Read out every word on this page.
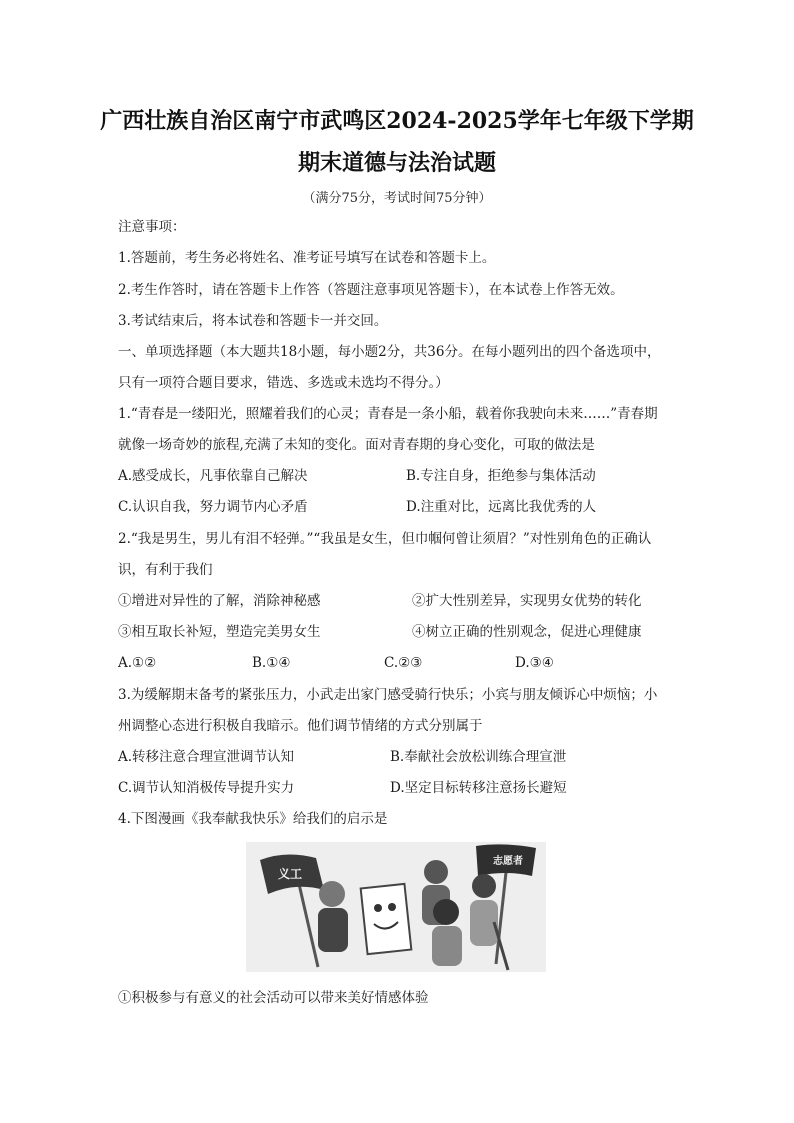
广西壮族自治区南宁市武鸣区2024-2025学年七年级下学期
期末道德与法治试题
（满分75分，考试时间75分钟）
注意事项：
1.答题前，考生务必将姓名、准考证号填写在试卷和答题卡上。
2.考生作答时，请在答题卡上作答（答题注意事项见答题卡），在本试卷上作答无效。
3.考试结束后，将本试卷和答题卡一并交回。
一、单项选择题（本大题共18小题，每小题2分，共36分。在每小题列出的四个备选项中，
只有一项符合题目要求，错选、多选或未选均不得分。）
1.“青春是一缕阳光，照耀着我们的心灵；青春是一条小船，载着你我驶向未来……”青春期
就像一场奇妙的旅程,充满了未知的变化。面对青春期的身心变化，可取的做法是
A.感受成长，凡事依靠自己解决	B.专注自身，拒绝参与集体活动
C.认识自我，努力调节内心矛盾	D.注重对比，远离比我优秀的人
2.“我是男生，男儿有泪不轻弹。”“我虽是女生，但巾帼何曾让须眉？”对性别角色的正确认
识，有利于我们
①增进对异性的了解，消除神秘感	②扩大性别差异，实现男女优势的转化
③相互取长补短，塑造完美男女生	④树立正确的性别观念，促进心理健康
A.①②	B.①④	C.②③	D.③④
3.为缓解期末备考的紧张压力，小武走出家门感受骑行快乐；小宾与朋友倾诉心中烦恼；小
州调整心态进行积极自我暗示。他们调节情绪的方式分别属于
A.转移注意合理宣泄调节认知	B.奉献社会放松训练合理宣泄
C.调节认知消极传导提升实力	D.坚定目标转移注意扬长避短
4.下图漫画《我奉献我快乐》给我们的启示是
义工
志愿者
①积极参与有意义的社会活动可以带来美好情感体验
